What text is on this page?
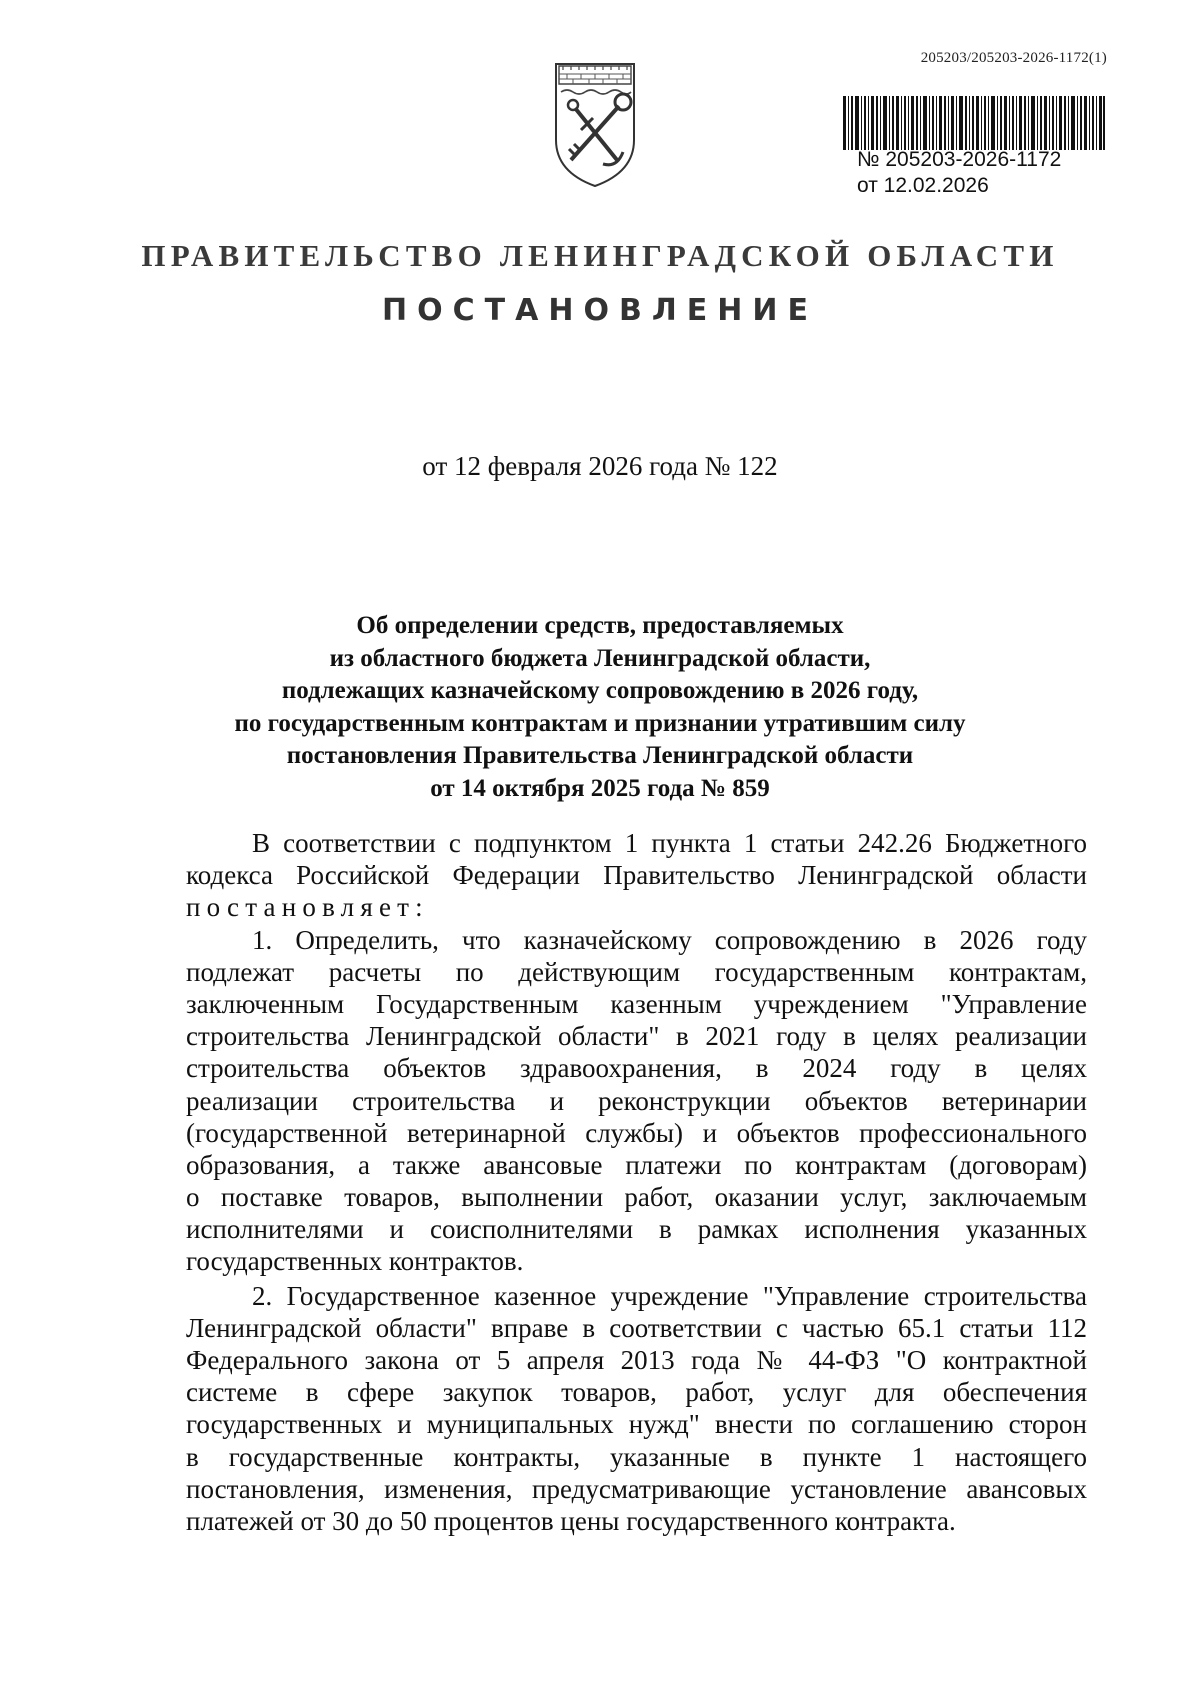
205203/205203-2026-1172(1)
№ 205203-2026-1172
от 12.02.2026
ПРАВИТЕЛЬСТВО ЛЕНИНГРАДСКОЙ ОБЛАСТИ
ПОСТАНОВЛЕНИЕ
от 12 февраля 2026 года № 122
Об определении средств, предоставляемых
из областного бюджета Ленинградской области,
подлежащих казначейскому сопровождению в 2026 году,
по государственным контрактам и признании утратившим силу
постановления Правительства Ленинградской области
от 14 октября 2025 года № 859
В соответствии с подпунктом 1 пункта 1 статьи 242.26 Бюджетного
кодекса Российской Федерации Правительство Ленинградской области
постановляет:
1. Определить, что казначейскому сопровождению в 2026 году
подлежат расчеты по действующим государственным контрактам,
заключенным Государственным казенным учреждением "Управление
строительства Ленинградской области" в 2021 году в целях реализации
строительства объектов здравоохранения, в 2024 году в целях
реализации строительства и реконструкции объектов ветеринарии
(государственной ветеринарной службы) и объектов профессионального
образования, а также авансовые платежи по контрактам (договорам)
о поставке товаров, выполнении работ, оказании услуг, заключаемым
исполнителями и соисполнителями в рамках исполнения указанных
государственных контрактов.
2. Государственное казенное учреждение "Управление строительства
Ленинградской области" вправе в соответствии с частью 65.1 статьи 112
Федерального закона от 5 апреля 2013 года № 44-ФЗ "О контрактной
системе в сфере закупок товаров, работ, услуг для обеспечения
государственных и муниципальных нужд" внести по соглашению сторон
в государственные контракты, указанные в пункте 1 настоящего
постановления, изменения, предусматривающие установление авансовых
платежей от 30 до 50 процентов цены государственного контракта.
